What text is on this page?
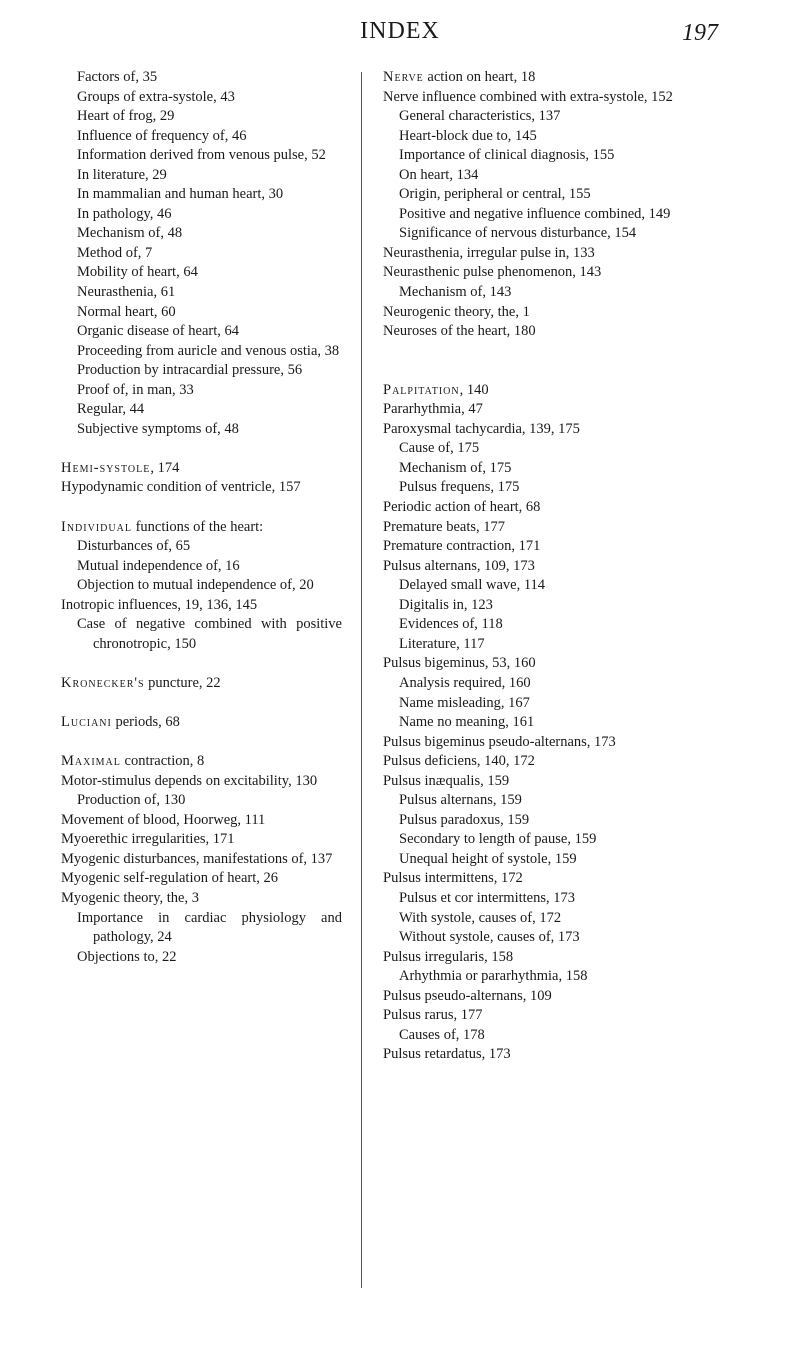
INDEX	197
Factors of, 35
Groups of extra-systole, 43
Heart of frog, 29
Influence of frequency of, 46
Information derived from venous pulse, 52
In literature, 29
In mammalian and human heart, 30
In pathology, 46
Mechanism of, 48
Method of, 7
Mobility of heart, 64
Neurasthenia, 61
Normal heart, 60
Organic disease of heart, 64
Proceeding from auricle and venous ostia, 38
Production by intracardial pressure, 56
Proof of, in man, 33
Regular, 44
Subjective symptoms of, 48
Hemi-systole, 174
Hypodynamic condition of ventricle, 157
Individual functions of the heart:
Disturbances of, 65
Mutual independence of, 16
Objection to mutual independence of, 20
Inotropic influences, 19, 136, 145
Case of negative combined with positive chronotropic, 150
Kronecker's puncture, 22
Luciani periods, 68
Maximal contraction, 8
Motor-stimulus depends on excitability, 130
Production of, 130
Movement of blood, Hoorweg, 111
Myoerethic irregularities, 171
Myogenic disturbances, manifestations of, 137
Myogenic self-regulation of heart, 26
Myogenic theory, the, 3
Importance in cardiac physiology and pathology, 24
Objections to, 22
Nerve action on heart, 18
Nerve influence combined with extra-systole, 152
General characteristics, 137
Heart-block due to, 145
Importance of clinical diagnosis, 155
On heart, 134
Origin, peripheral or central, 155
Positive and negative influence combined, 149
Significance of nervous disturbance, 154
Neurasthenia, irregular pulse in, 133
Neurasthenic pulse phenomenon, 143
Mechanism of, 143
Neurogenic theory, the, 1
Neuroses of the heart, 180
Palpitation, 140
Pararhythmia, 47
Paroxysmal tachycardia, 139, 175
Cause of, 175
Mechanism of, 175
Pulsus frequens, 175
Periodic action of heart, 68
Premature beats, 177
Premature contraction, 171
Pulsus alternans, 109, 173
Delayed small wave, 114
Digitalis in, 123
Evidences of, 118
Literature, 117
Pulsus bigeminus, 53, 160
Analysis required, 160
Name misleading, 167
Name no meaning, 161
Pulsus bigeminus pseudo-alternans, 173
Pulsus deficiens, 140, 172
Pulsus inæqualis, 159
Pulsus alternans, 159
Pulsus paradoxus, 159
Secondary to length of pause, 159
Unequal height of systole, 159
Pulsus intermittens, 172
Pulsus et cor intermittens, 173
With systole, causes of, 172
Without systole, causes of, 173
Pulsus irregularis, 158
Arhythmia or pararhythmia, 158
Pulsus pseudo-alternans, 109
Pulsus rarus, 177
Causes of, 178
Pulsus retardatus, 173
